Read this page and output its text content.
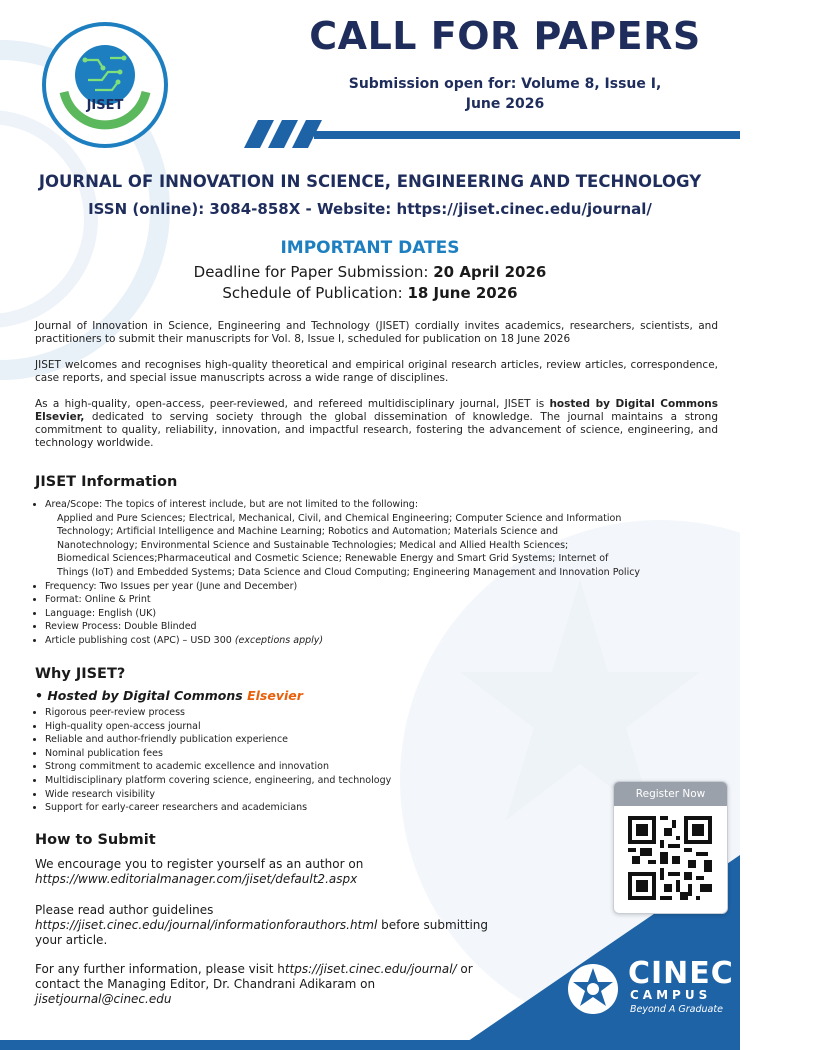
JISET
CALL FOR PAPERS
Submission open for: Volume 8, Issue I,
June 2026
JOURNAL OF INNOVATION IN SCIENCE, ENGINEERING AND TECHNOLOGY
ISSN (online): 3084-858X - Website: https://jiset.cinec.edu/journal/
IMPORTANT DATES
Deadline for Paper Submission: 20 April 2026
Schedule of Publication: 18 June 2026
Journal of Innovation in Science, Engineering and Technology (JISET) cordially invites academics, researchers, scientists, and practitioners to submit their manuscripts for Vol. 8, Issue I, scheduled for publication on 18 June 2026
JISET welcomes and recognises high-quality theoretical and empirical original research articles, review articles, correspondence, case reports, and special issue manuscripts across a wide range of disciplines.
As a high-quality, open-access, peer-reviewed, and refereed multidisciplinary journal, JISET is hosted by Digital Commons Elsevier, dedicated to serving society through the global dissemination of knowledge. The journal maintains a strong commitment to quality, reliability, innovation, and impactful research, fostering the advancement of science, engineering, and technology worldwide.
JISET Information
• Area/Scope: The topics of interest include, but are not limited to the following:
Applied and Pure Sciences; Electrical, Mechanical, Civil, and Chemical Engineering; Computer Science and Information
Technology; Artificial Intelligence and Machine Learning; Robotics and Automation; Materials Science and
Nanotechnology; Environmental Science and Sustainable Technologies; Medical and Allied Health Sciences;
Biomedical Sciences;Pharmaceutical and Cosmetic Science; Renewable Energy and Smart Grid Systems; Internet of
Things (IoT) and Embedded Systems; Data Science and Cloud Computing; Engineering Management and Innovation Policy
• Frequency: Two Issues per year (June and December)
• Format: Online & Print
• Language: English (UK)
• Review Process: Double Blinded
• Article publishing cost (APC) – USD 300 (exceptions apply)
Why JISET?
• Hosted by Digital Commons Elsevier
• Rigorous peer-review process
• High-quality open-access journal
• Reliable and author-friendly publication experience
• Nominal publication fees
• Strong commitment to academic excellence and innovation
• Multidisciplinary platform covering science, engineering, and technology
• Wide research visibility
• Support for early-career researchers and academicians
How to Submit
We encourage you to register yourself as an author on
https://www.editorialmanager.com/jiset/default2.aspx
Please read author guidelines
https://jiset.cinec.edu/journal/informationforauthors.html before submitting
your article.
For any further information, please visit https://jiset.cinec.edu/journal/ or
contact the Managing Editor, Dr. Chandrani Adikaram on
jisetjournal@cinec.edu
Register Now
CINEC
CAMPUS
Beyond A Graduate
